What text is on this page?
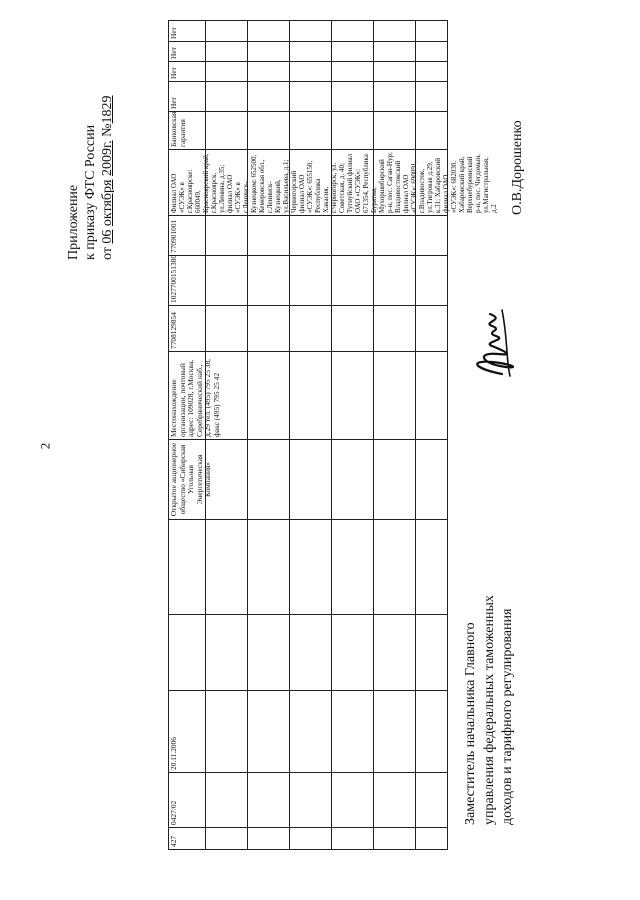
2
Приложение к приказу ФТС России от 06 октября 2009г. №1829
427
0427/02
20.11.2006
Открытое акционерное общество «Сибирская Угольная Энергетическая Компания»
Местонахождение организации, почтовый адрес: 109028, г.Москва, Серебрянический наб., д.29 тел. (495) 795 25 38, факс (495) 795 25 42
7708129854
1027700151380
770901001
Филиал ОАО «СУЭК» в г.Красноярске: 660049, Красноярский край, г.Красноярск, ул.Ленина, д.35; филиал ОАО «СУЭК» в г.Ленинск-Кузнецком: 652500, Кемеровская обл., г.Ленинск-Кузнецкий, ул.Васильева, д.1; Черногорский филиал ОАО «СУЭК»: 655150, Республика Хакасия, г.Черногорск, ул. Советская, д. 40; Тугнуйский филиал ОАО «СУЭК»: 671354, Республика Бурятия, Мухоршибирский р-н, пос. Саган-Нур; Владивостокский филиал ОАО «СУЭК»: 690091, г.Владивосток, ул.Тигровая д.29, к.31; Хабаровский филиал ОАО «СУЭК»: 682030, Хабаровский край, Верхнебуреинский р-н, пос. Чегдомын, ул.Магистральная, д.2
Банковская гарантия
Нет
Нет
Нет
Нет
Заместитель начальника Главного управления федеральных таможенных доходов и тарифного регулирования
О.В.Дорошенко
